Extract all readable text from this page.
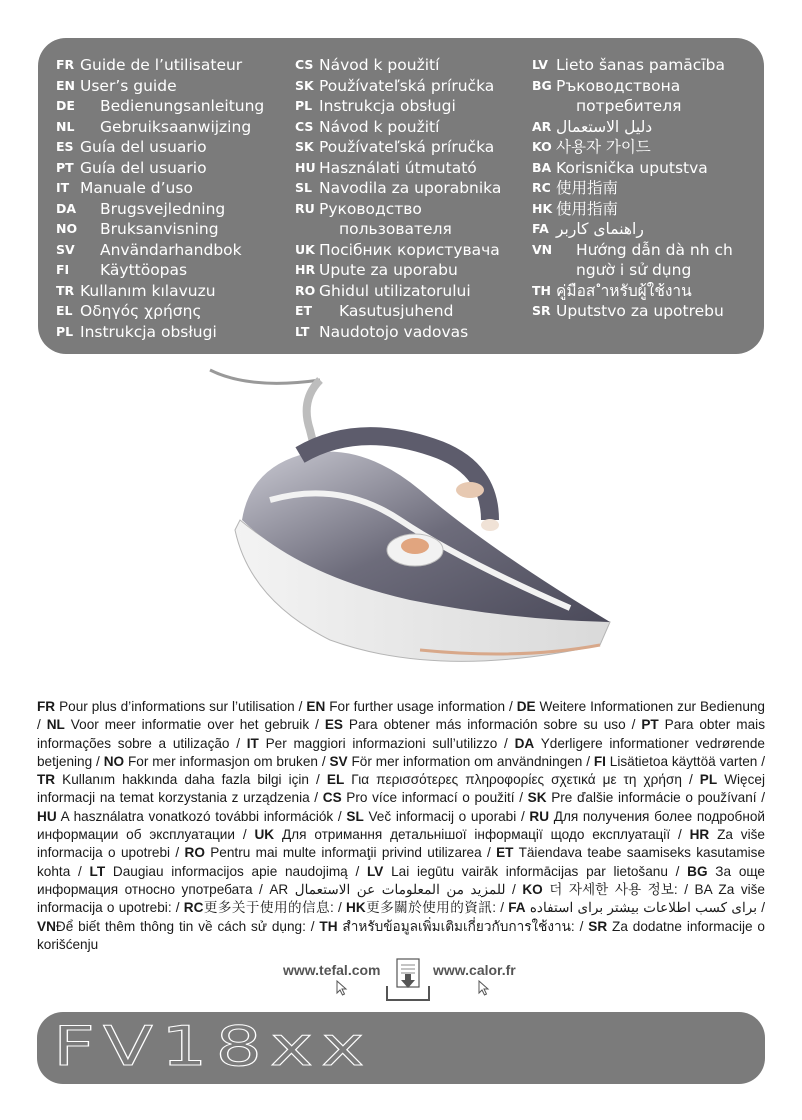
FR Guide de l’utilisateur
EN User’s guide
DE Bedienungsanleitung
NL Gebruiksaanwijzing
ES Guía del usuario
PT Guía del usuario
IT Manuale d’uso
DA Brugsvejledning
NO Bruksanvisning
SV Användarhandbok
FI Käyttöopas
TR Kullanım kılavuzu
EL Οδηγός χρήσης
PL Instrukcja obsługi
CS Návod k použití
SK Používateľská príručka
PL Instrukcja obsługi
CS Návod k použití
SK Používateľská príručka
HU Használati útmutató
SL Navodila za uporabnika
RU Руководство
пользователя
UK Посібник користувача
HR Upute za uporabu
RO Ghidul utilizatorului
ET Kasutusjuhend
LT Naudotojo vadovas
LV Lieto šanas pamācība
BG Ръководствона
потребителя
AR دليل الاستعمال
KO 사용자 가이드
BA Korisnička uputstva
RC 使用指南
HK 使用指南
FA راهنمای کاربر
VN Hướng dẫn dà nh ch
ngườ i sử dụng
TH คู่มือส ำหรับผู้ใช้งาน
SR Uputstvo za upotrebu
FR Pour plus d’informations sur l’utilisation / EN For further usage information / DE Weitere Informationen zur Bedienung / NL Voor meer informatie over het gebruik / ES Para obtener más información sobre su uso / PT Para obter mais informações sobre a utilização / IT Per maggiori informazioni sull’utilizzo / DA Yderligere informationer vedrørende betjening / NO For mer informasjon om bruken / SV För mer information om användningen / FI Lisätietoa käyttöä varten / TR Kullanım hakkında daha fazla bilgi için / EL Για περισσότερες πληροφορίες σχετικά με τη χρήση / PL Więcej informacji na temat korzystania z urządzenia / CS Pro více informací o použití / SK Pre ďalšie informácie o používaní / HU A használatra vonatkozó további információk / SL Več informacij o uporabi / RU Для получения более подробной информации об эксплуатации / UK Для отримання детальнішої інформації щодо експлуатації / HR Za više informacija o upotrebi / RO Pentru mai multe informaţii privind utilizarea / ET Täiendava teabe saamiseks kasutamise kohta / LT Daugiau informacijos apie naudojimą / LV Lai iegūtu vairāk informācijas par lietošanu / BG За още информация относно употребата / AR للمزيد من المعلومات عن الاستعمال / KO 더 자세한 사용 정보: / BA Za više informacija o upotrebi: / RC更多关于使用的信息: / HK更多關於使用的資訊: / FA برای کسب اطلاعات بیشتر برای استفاده / VNĐể biết thêm thông tin về cách sử dụng: / TH สำหรับข้อมูลเพิ่มเติมเกี่ยวกับการใช้งาน: / SR Za dodatne informacije o korišćenju
www.tefal.com	www.calor.fr
FV18xx
